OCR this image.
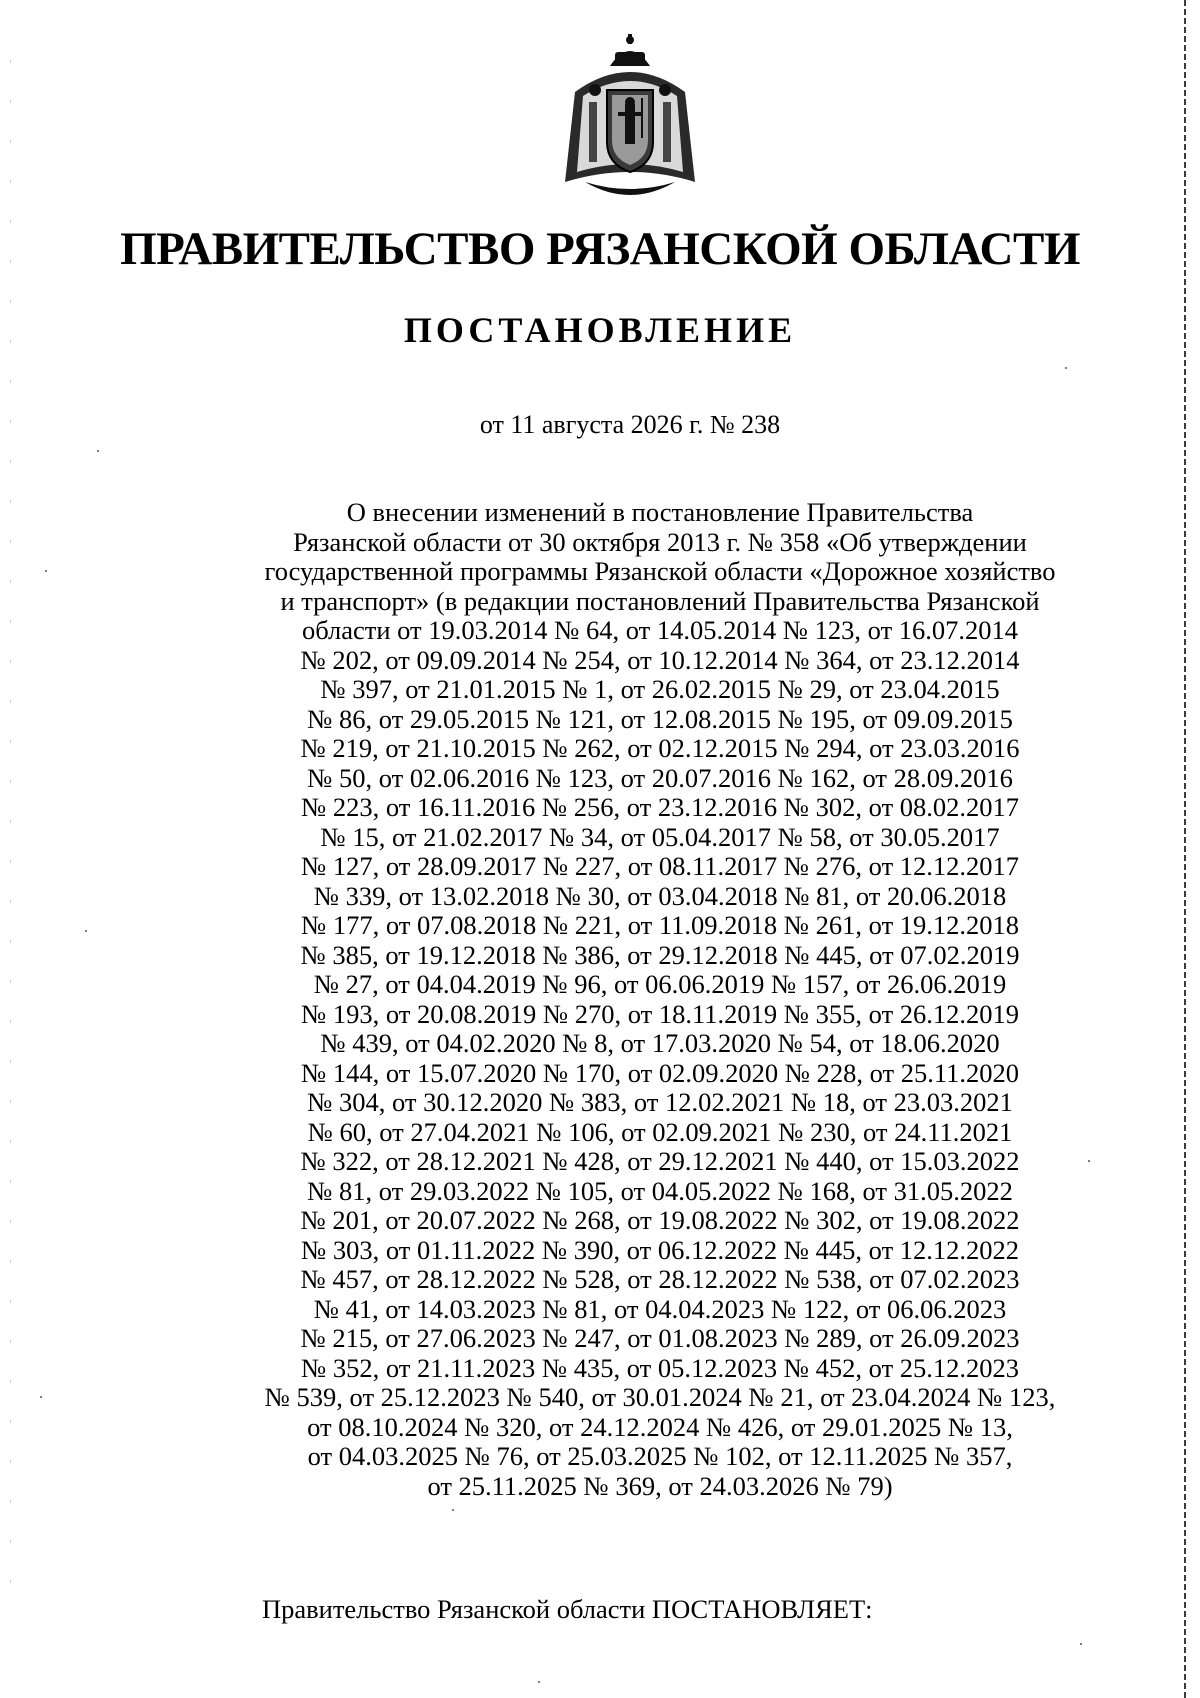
ПРАВИТЕЛЬСТВО РЯЗАНСКОЙ ОБЛАСТИ
ПОСТАНОВЛЕНИЕ
от 11 августа 2026 г. № 238
О внесении изменений в постановление Правительства
Рязанской области от 30 октября 2013 г. № 358 «Об утверждении
государственной программы Рязанской области «Дорожное хозяйство
и транспорт» (в редакции постановлений Правительства Рязанской
области от 19.03.2014 № 64, от 14.05.2014 № 123, от 16.07.2014
№ 202, от 09.09.2014 № 254, от 10.12.2014 № 364, от 23.12.2014
№ 397, от 21.01.2015 № 1, от 26.02.2015 № 29, от 23.04.2015
№ 86, от 29.05.2015 № 121, от 12.08.2015 № 195, от 09.09.2015
№ 219, от 21.10.2015 № 262, от 02.12.2015 № 294, от 23.03.2016
№ 50, от 02.06.2016 № 123, от 20.07.2016 № 162, от 28.09.2016
№ 223, от 16.11.2016 № 256, от 23.12.2016 № 302, от 08.02.2017
№ 15, от 21.02.2017 № 34, от 05.04.2017 № 58, от 30.05.2017
№ 127, от 28.09.2017 № 227, от 08.11.2017 № 276, от 12.12.2017
№ 339, от 13.02.2018 № 30, от 03.04.2018 № 81, от 20.06.2018
№ 177, от 07.08.2018 № 221, от 11.09.2018 № 261, от 19.12.2018
№ 385, от 19.12.2018 № 386, от 29.12.2018 № 445, от 07.02.2019
№ 27, от 04.04.2019 № 96, от 06.06.2019 № 157, от 26.06.2019
№ 193, от 20.08.2019 № 270, от 18.11.2019 № 355, от 26.12.2019
№ 439, от 04.02.2020 № 8, от 17.03.2020 № 54, от 18.06.2020
№ 144, от 15.07.2020 № 170, от 02.09.2020 № 228, от 25.11.2020
№ 304, от 30.12.2020 № 383, от 12.02.2021 № 18, от 23.03.2021
№ 60, от 27.04.2021 № 106, от 02.09.2021 № 230, от 24.11.2021
№ 322, от 28.12.2021 № 428, от 29.12.2021 № 440, от 15.03.2022
№ 81, от 29.03.2022 № 105, от 04.05.2022 № 168, от 31.05.2022
№ 201, от 20.07.2022 № 268, от 19.08.2022 № 302, от 19.08.2022
№ 303, от 01.11.2022 № 390, от 06.12.2022 № 445, от 12.12.2022
№ 457, от 28.12.2022 № 528, от 28.12.2022 № 538, от 07.02.2023
№ 41, от 14.03.2023 № 81, от 04.04.2023 № 122, от 06.06.2023
№ 215, от 27.06.2023 № 247, от 01.08.2023 № 289, от 26.09.2023
№ 352, от 21.11.2023 № 435, от 05.12.2023 № 452, от 25.12.2023
№ 539, от 25.12.2023 № 540, от 30.01.2024 № 21, от 23.04.2024 № 123,
от 08.10.2024 № 320, от 24.12.2024 № 426, от 29.01.2025 № 13,
от 04.03.2025 № 76, от 25.03.2025 № 102, от 12.11.2025 № 357,
от 25.11.2025 № 369, от 24.03.2026 № 79)
Правительство Рязанской области ПОСТАНОВЛЯЕТ:
